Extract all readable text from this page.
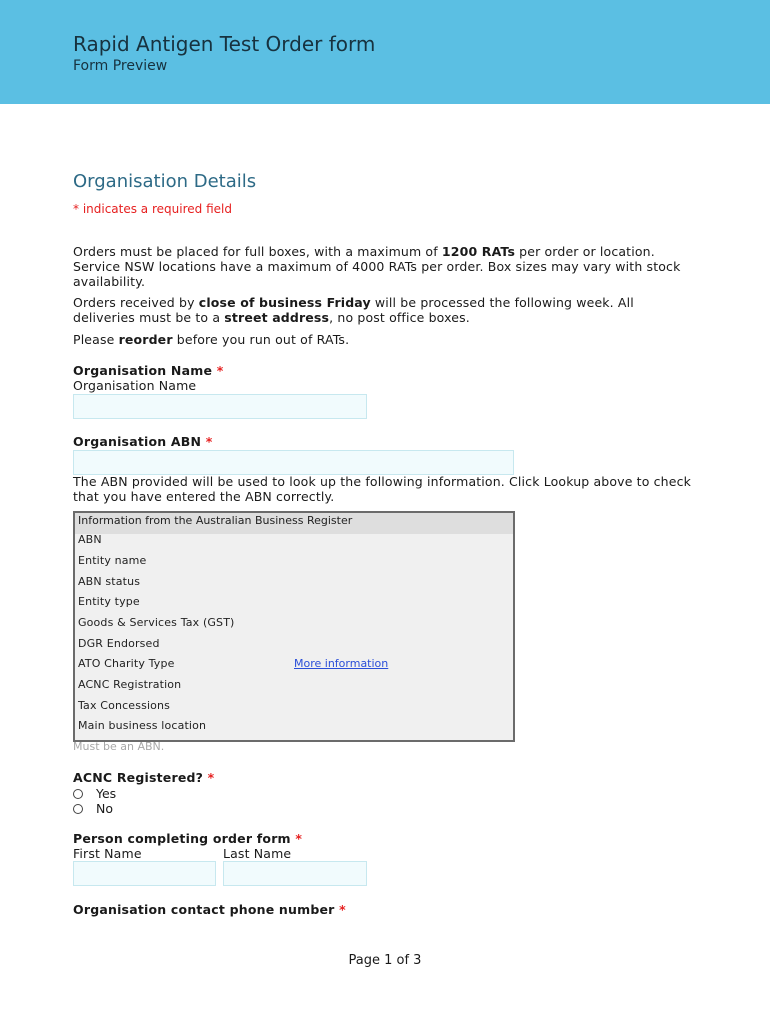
Rapid Antigen Test Order form
Form Preview
Organisation Details
* indicates a required field
Orders must be placed for full boxes, with a maximum of 1200 RATs per order or location. Service NSW locations have a maximum of 4000 RATs per order. Box sizes may vary with stock availability.
Orders received by close of business Friday will be processed the following week. All deliveries must be to a street address, no post office boxes.
Please reorder before you run out of RATs.
Organisation Name *
Organisation Name
Organisation ABN *
The ABN provided will be used to look up the following information. Click Lookup above to check that you have entered the ABN correctly.
Information from the Australian Business Register
ABN
Entity name
ABN status
Entity type
Goods & Services Tax (GST)
DGR Endorsed
ATO Charity Type	More information
ACNC Registration
Tax Concessions
Main business location
Must be an ABN.
ACNC Registered? *
Yes
No
Person completing order form *
First Name	Last Name
Organisation contact phone number *
Page 1 of 3
